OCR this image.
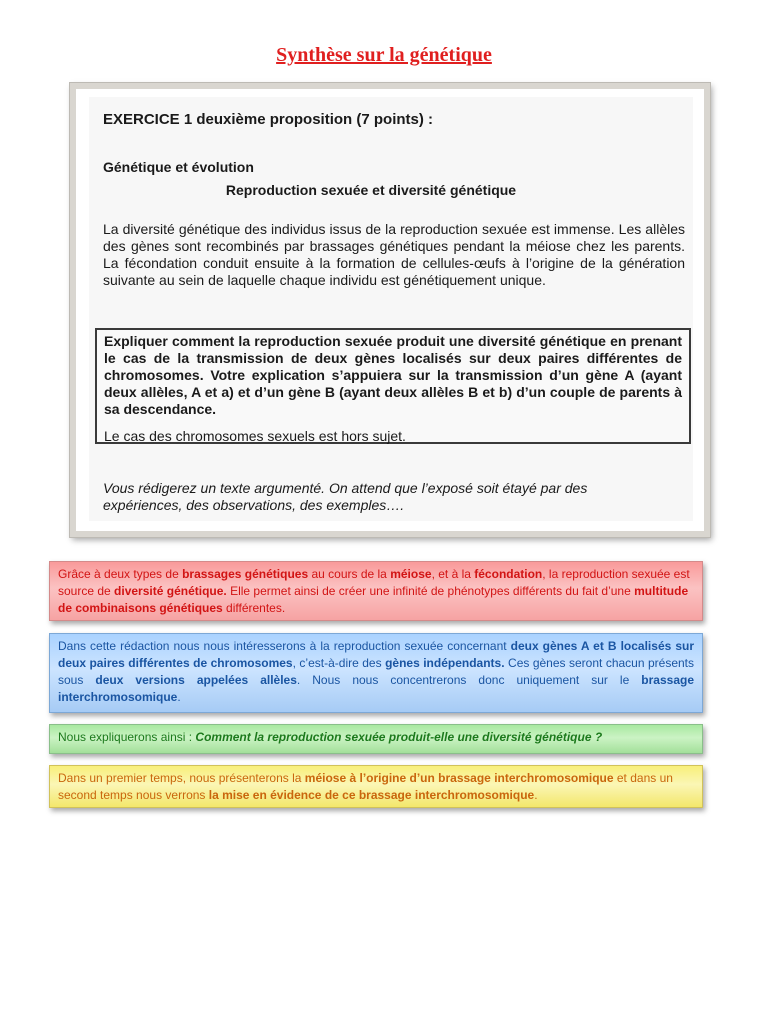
Synthèse sur la génétique
EXERCICE 1 deuxième proposition (7 points) :
Génétique et évolution
Reproduction sexuée et diversité génétique
La diversité génétique des individus issus de la reproduction sexuée est immense. Les allèles des gènes sont recombinés par brassages génétiques pendant la méiose chez les parents. La fécondation conduit ensuite à la formation de cellules-œufs à l’origine de la génération suivante au sein de laquelle chaque individu est génétiquement unique.
Expliquer comment la reproduction sexuée produit une diversité génétique en prenant le cas de la transmission de deux gènes localisés sur deux paires différentes de chromosomes. Votre explication s’appuiera sur la transmission d’un gène A (ayant deux allèles, A et a) et d’un gène B (ayant deux allèles B et b) d’un couple de parents à sa descendance.
Le cas des chromosomes sexuels est hors sujet.
Vous rédigerez un texte argumenté. On attend que l’exposé soit étayé par des expériences, des observations, des exemples….
Grâce à deux types de brassages génétiques au cours de la méiose, et à la fécondation, la reproduction sexuée est source de diversité génétique. Elle permet ainsi de créer une infinité de phénotypes différents du fait d’une multitude de combinaisons génétiques différentes.
Dans cette rédaction nous nous intéresserons à la reproduction sexuée concernant deux gènes A et B localisés sur deux paires différentes de chromosomes, c’est-à-dire des gènes indépendants. Ces gènes seront chacun présents sous deux versions appelées allèles. Nous nous concentrerons donc uniquement sur le brassage interchromosomique.
Nous expliquerons ainsi : Comment la reproduction sexuée produit-elle une diversité génétique ?
Dans un premier temps, nous présenterons la méiose à l’origine d’un brassage interchromosomique et dans un second temps nous verrons la mise en évidence de ce brassage interchromosomique.
